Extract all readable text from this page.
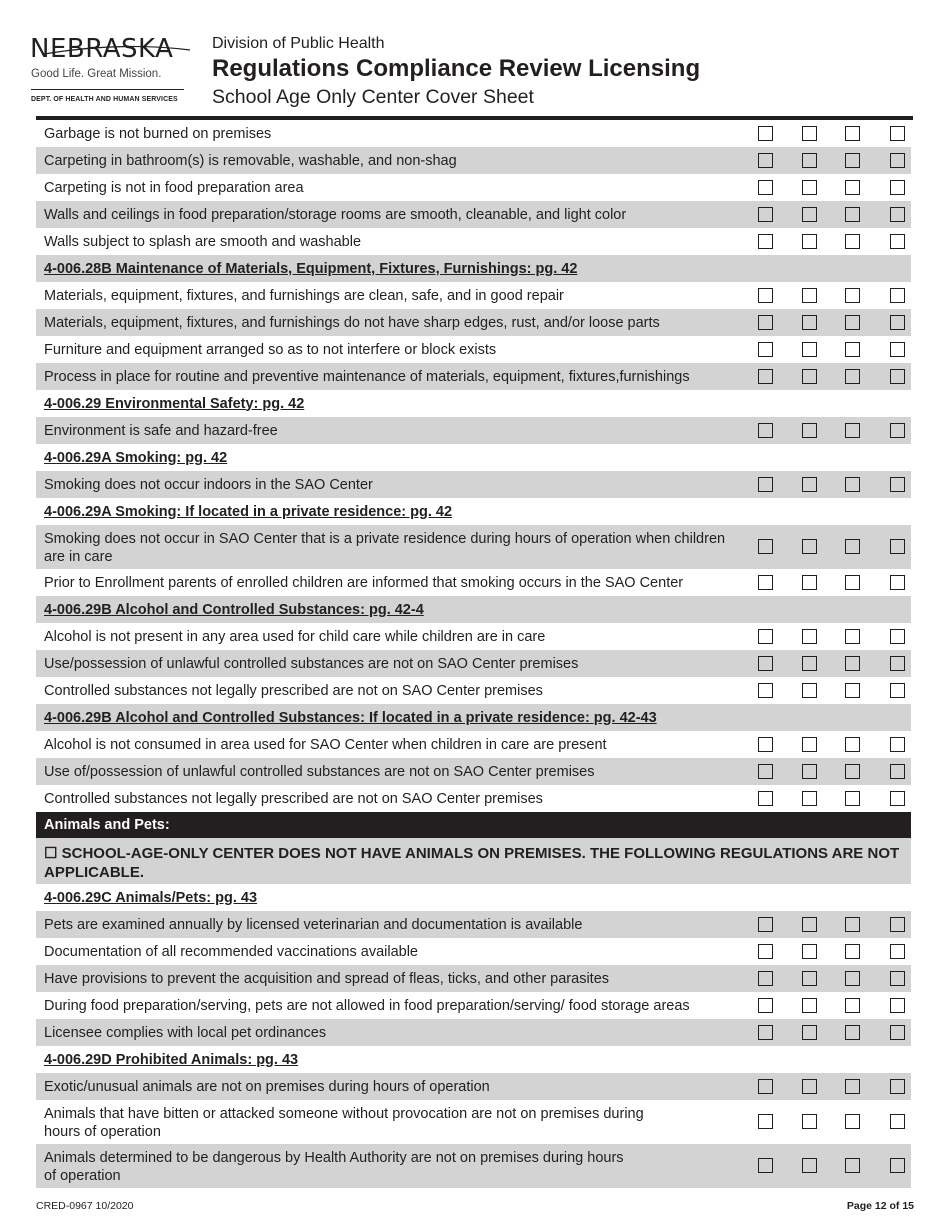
NEBRASKA
Good Life. Great Mission.
DEPT. OF HEALTH AND HUMAN SERVICES
Division of Public Health
Regulations Compliance Review Licensing
School Age Only Center Cover Sheet
Garbage is not burned on premises
Carpeting in bathroom(s) is removable, washable, and non-shag
Carpeting is not in food preparation area
Walls and ceilings in food preparation/storage rooms are smooth, cleanable, and light color
Walls subject to splash are smooth and washable
4-006.28B Maintenance of Materials, Equipment, Fixtures, Furnishings: pg. 42
Materials, equipment, fixtures, and furnishings are clean, safe, and in good repair
Materials, equipment, fixtures, and furnishings do not have sharp edges, rust, and/or loose parts
Furniture and equipment arranged so as to not interfere or block exists
Process in place for routine and preventive maintenance of materials, equipment, fixtures,furnishings
4-006.29 Environmental Safety: pg. 42
Environment is safe and hazard-free
4-006.29A Smoking: pg. 42
Smoking does not occur indoors in the SAO Center
4-006.29A Smoking: If located in a private residence: pg. 42
Smoking does not occur in SAO Center that is a private residence during hours of operation when children are in care
Prior to Enrollment parents of enrolled children are informed that smoking occurs in the SAO Center
4-006.29B Alcohol and Controlled Substances: pg. 42-4
Alcohol is not present in any area used for child care while children are in care
Use/possession of unlawful controlled substances are not on SAO Center premises
Controlled substances not legally prescribed are not on SAO Center premises
4-006.29B Alcohol and Controlled Substances: If located in a private residence: pg. 42-43
Alcohol is not consumed in area used for SAO Center when children in care are present
Use of/possession of unlawful controlled substances are not on SAO Center premises
Controlled substances not legally prescribed are not on SAO Center premises
Animals and Pets:
☐ SCHOOL-AGE-ONLY CENTER DOES NOT HAVE ANIMALS ON PREMISES. THE FOLLOWING REGULATIONS ARE NOT APPLICABLE.
4-006.29C Animals/Pets: pg. 43
Pets are examined annually by licensed veterinarian and documentation is available
Documentation of all recommended vaccinations available
Have provisions to prevent the acquisition and spread of fleas, ticks, and other parasites
During food preparation/serving, pets are not allowed in food preparation/serving/ food storage areas
Licensee complies with local pet ordinances
4-006.29D Prohibited Animals: pg. 43
Exotic/unusual animals are not on premises during hours of operation
Animals that have bitten or attacked someone without provocation are not on premises during
hours of operation
Animals determined to be dangerous by Health Authority are not on premises during hours
of operation
CRED-0967 10/2020	Page 12 of 15
